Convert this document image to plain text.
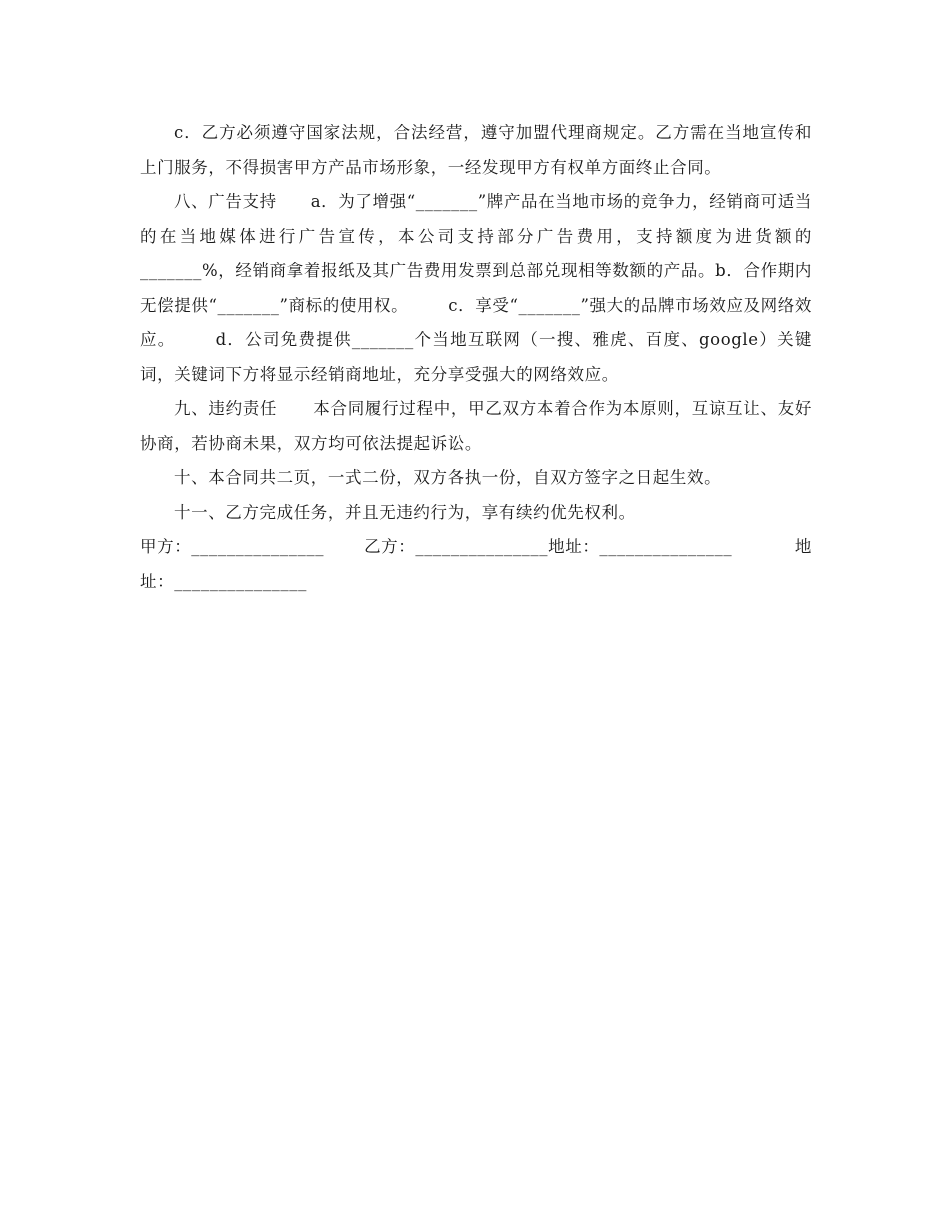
c．乙方必须遵守国家法规，合法经营，遵守加盟代理商规定。乙方需在当地宣传和上门服务，不得损害甲方产品市场形象，一经发现甲方有权单方面终止合同。

八、广告支持 a．为了增强“_______”牌产品在当地市场的竞争力，经销商可适当的在当地媒体进行广告宣传，本公司支持部分广告费用，支持额度为进货额的_______%，经销商拿着报纸及其广告费用发票到总部兑现相等数额的产品。b．合作期内无偿提供“_______”商标的使用权。 c．享受“_______”强大的品牌市场效应及网络效应。 d．公司免费提供_______个当地互联网（一搜、雅虎、百度、google）关键词，关键词下方将显示经销商地址，充分享受强大的网络效应。

九、违约责任 本合同履行过程中，甲乙双方本着合作为本原则，互谅互让、友好协商，若协商未果，双方均可依法提起诉讼。

十、本合同共二页，一式二份，双方各执一份，自双方签字之日起生效。

十一、乙方完成任务，并且无违约行为，享有续约优先权利。

甲方：_______________ 乙方：_______________地址：_______________	地

址：_______________
